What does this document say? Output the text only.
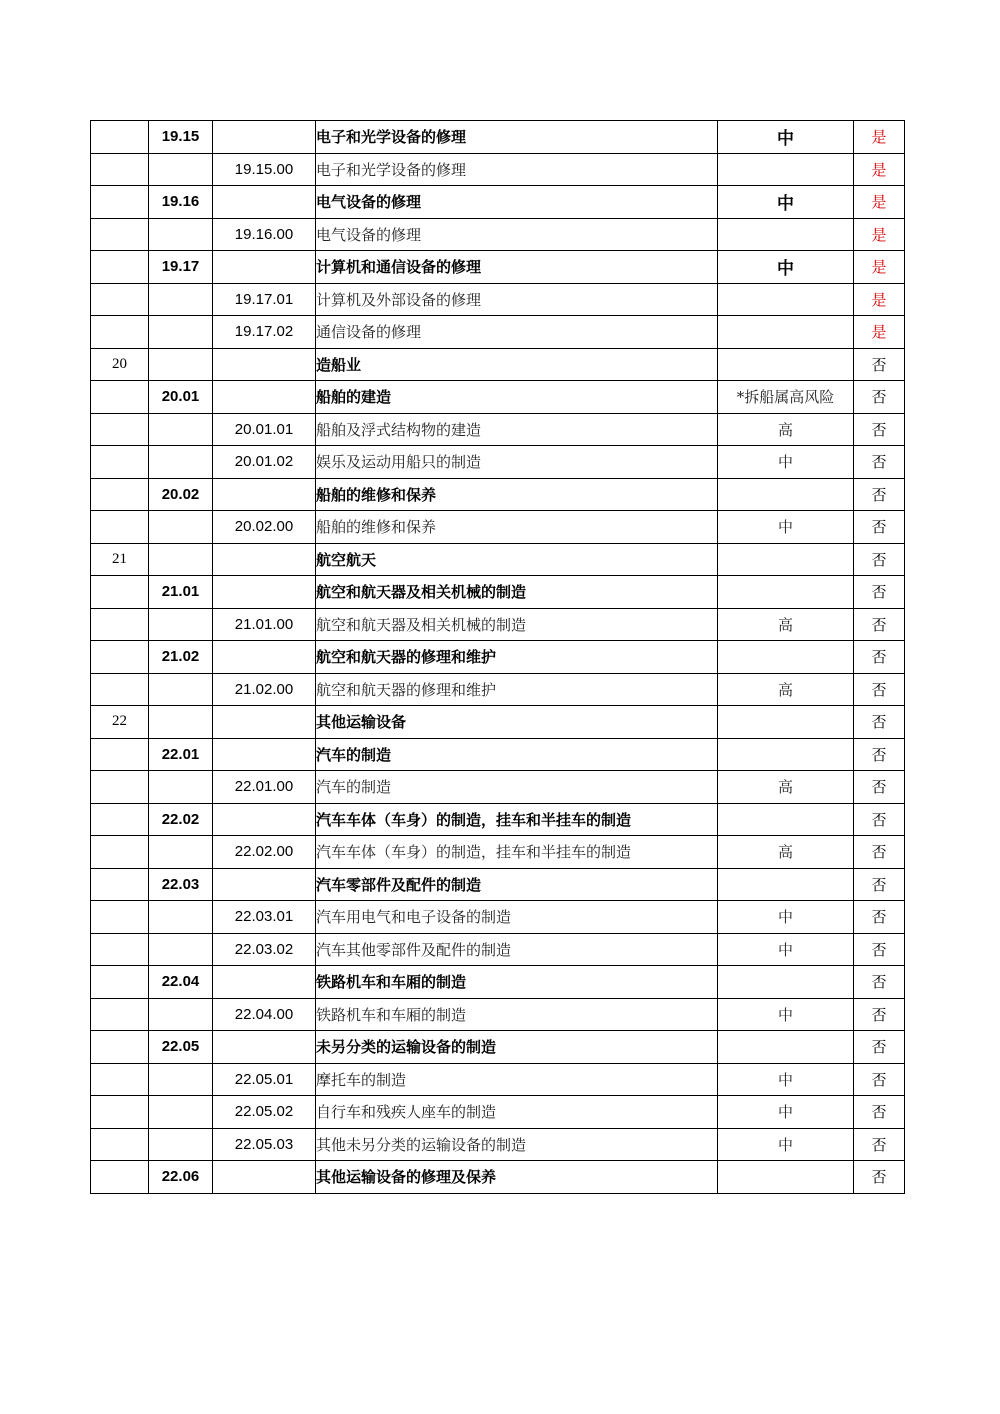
	19.15		电子和光学设备的修理	中	是
		19.15.00	电子和光学设备的修理		是
	19.16		电气设备的修理	中	是
		19.16.00	电气设备的修理		是
	19.17		计算机和通信设备的修理	中	是
		19.17.01	计算机及外部设备的修理		是
		19.17.02	通信设备的修理		是
20			造船业		否
	20.01		船舶的建造	*拆船属高风险	否
		20.01.01	船舶及浮式结构物的建造	高	否
		20.01.02	娱乐及运动用船只的制造	中	否
	20.02		船舶的维修和保养		否
		20.02.00	船舶的维修和保养	中	否
21			航空航天		否
	21.01		航空和航天器及相关机械的制造		否
		21.01.00	航空和航天器及相关机械的制造	高	否
	21.02		航空和航天器的修理和维护		否
		21.02.00	航空和航天器的修理和维护	高	否
22			其他运输设备		否
	22.01		汽车的制造		否
		22.01.00	汽车的制造	高	否
	22.02		汽车车体（车身）的制造，挂车和半挂车的制造		否
		22.02.00	汽车车体（车身）的制造，挂车和半挂车的制造	高	否
	22.03		汽车零部件及配件的制造		否
		22.03.01	汽车用电气和电子设备的制造	中	否
		22.03.02	汽车其他零部件及配件的制造	中	否
	22.04		铁路机车和车厢的制造		否
		22.04.00	铁路机车和车厢的制造	中	否
	22.05		未另分类的运输设备的制造		否
		22.05.01	摩托车的制造	中	否
		22.05.02	自行车和残疾人座车的制造	中	否
		22.05.03	其他未另分类的运输设备的制造	中	否
	22.06		其他运输设备的修理及保养		否
